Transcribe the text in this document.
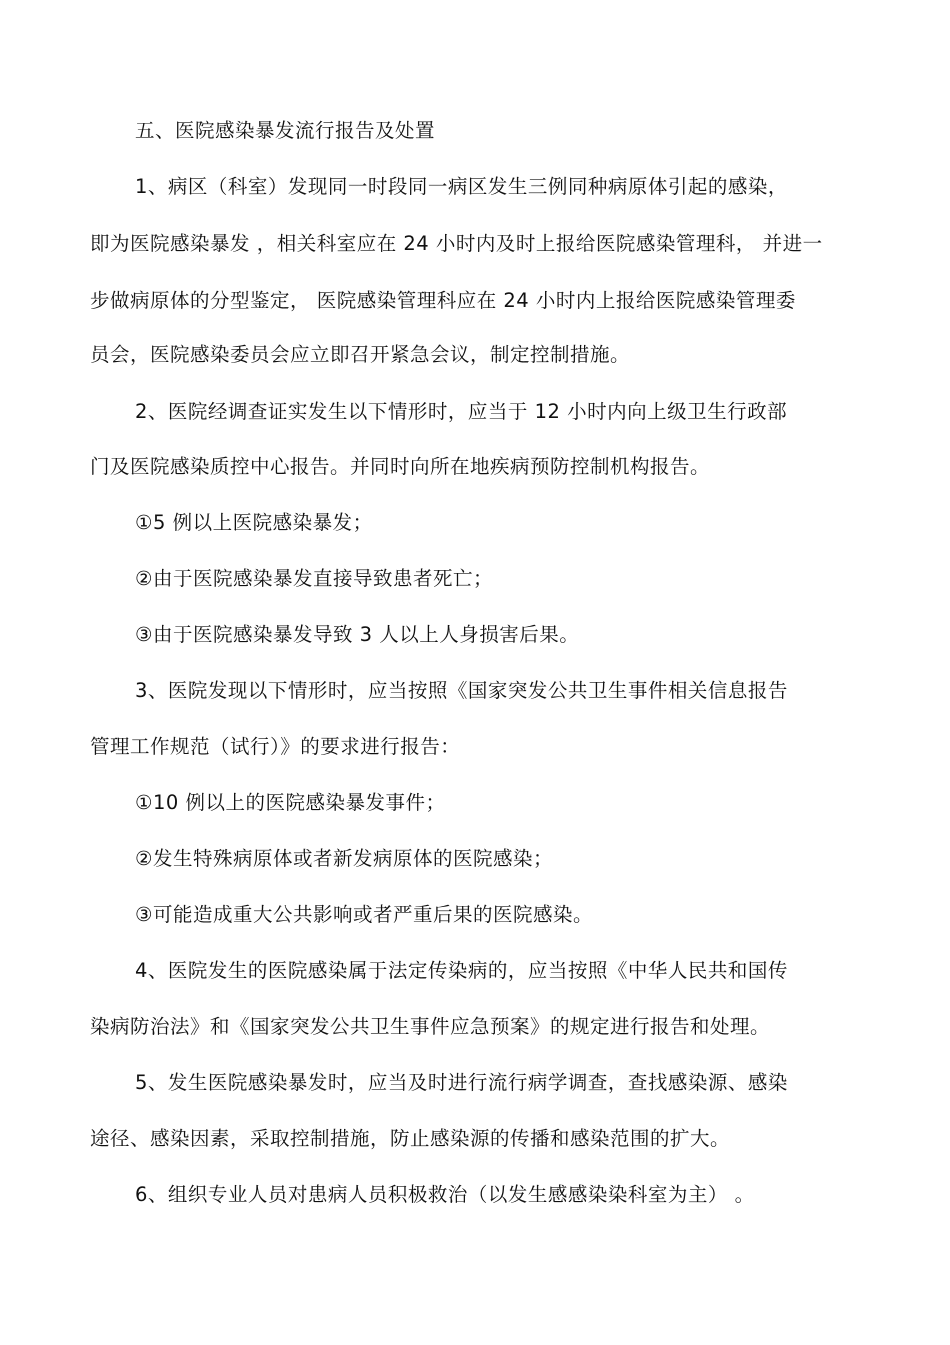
五、医院感染暴发流行报告及处置
1、病区（科室）发现同一时段同一病区发生三例同种病原体引起的感染，
即为医院感染暴发 ，相关科室应在 24 小时内及时上报给医院感染管理科， 并进一
步做病原体的分型鉴定， 医院感染管理科应在 24 小时内上报给医院感染管理委
员会，医院感染委员会应立即召开紧急会议，制定控制措施。
2、医院经调查证实发生以下情形时，应当于 12 小时内向上级卫生行政部
门及医院感染质控中心报告。并同时向所在地疾病预防控制机构报告。
①5 例以上医院感染暴发；
②由于医院感染暴发直接导致患者死亡；
③由于医院感染暴发导致 3 人以上人身损害后果。
3、医院发现以下情形时，应当按照《国家突发公共卫生事件相关信息报告
管理工作规范（试行）》的要求进行报告：
①10 例以上的医院感染暴发事件；
②发生特殊病原体或者新发病原体的医院感染；
③可能造成重大公共影响或者严重后果的医院感染。
4、医院发生的医院感染属于法定传染病的，应当按照《中华人民共和国传
染病防治法》和《国家突发公共卫生事件应急预案》的规定进行报告和处理。
5、发生医院感染暴发时，应当及时进行流行病学调查，查找感染源、感染
途径、感染因素，采取控制措施，防止感染源的传播和感染范围的扩大。
6、组织专业人员对患病人员积极救治（以发生感感染染科室为主） 。
